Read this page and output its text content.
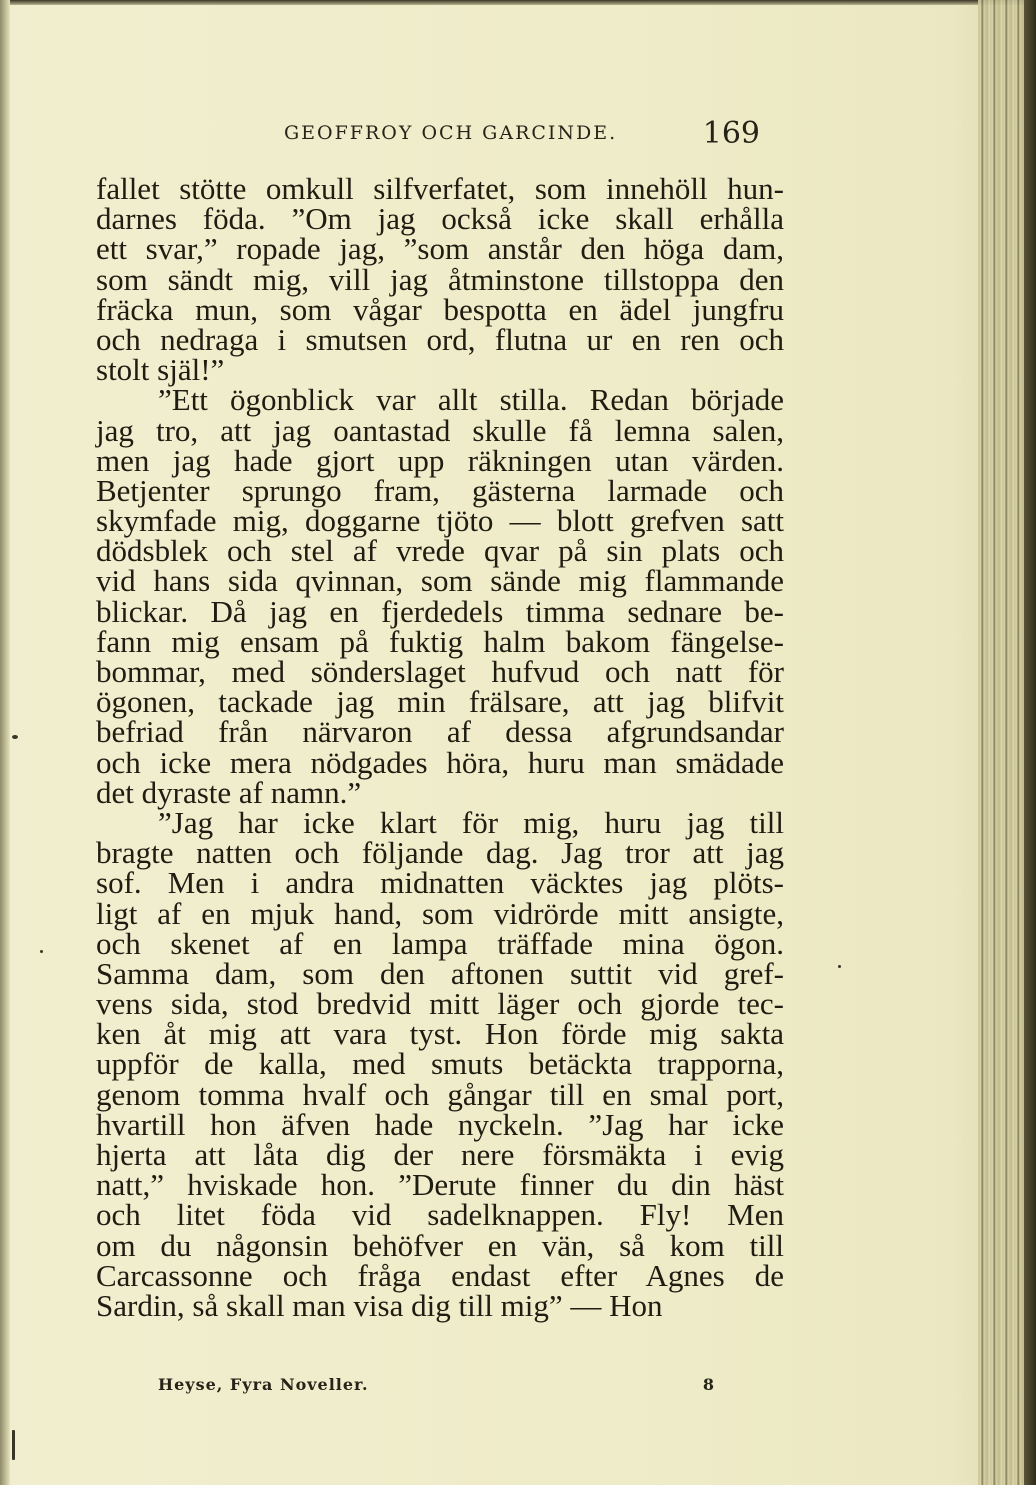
GEOFFROY OCH GARCINDE.	169
fallet stötte omkull silfverfatet, som innehöll hun-
darnes föda. ”Om jag också icke skall erhålla
ett svar,” ropade jag, ”som anstår den höga dam,
som sändt mig, vill jag åtminstone tillstoppa den
fräcka mun, som vågar bespotta en ädel jungfru
och nedraga i smutsen ord, flutna ur en ren och
stolt själ!”
”Ett ögonblick var allt stilla. Redan började
jag tro, att jag oantastad skulle få lemna salen,
men jag hade gjort upp räkningen utan värden.
Betjenter sprungo fram, gästerna larmade och
skymfade mig, doggarne tjöto — blott grefven satt
dödsblek och stel af vrede qvar på sin plats och
vid hans sida qvinnan, som sände mig flammande
blickar. Då jag en fjerdedels timma sednare be-
fann mig ensam på fuktig halm bakom fängelse-
bommar, med sönderslaget hufvud och natt för
ögonen, tackade jag min frälsare, att jag blifvit
befriad från närvaron af dessa afgrundsandar
och icke mera nödgades höra, huru man smädade
det dyraste af namn.”
”Jag har icke klart för mig, huru jag till
bragte natten och följande dag. Jag tror att jag
sof. Men i andra midnatten väcktes jag plöts-
ligt af en mjuk hand, som vidrörde mitt ansigte,
och skenet af en lampa träffade mina ögon.
Samma dam, som den aftonen suttit vid gref-
vens sida, stod bredvid mitt läger och gjorde tec-
ken åt mig att vara tyst. Hon förde mig sakta
uppför de kalla, med smuts betäckta trapporna,
genom tomma hvalf och gångar till en smal port,
hvartill hon äfven hade nyckeln. ”Jag har icke
hjerta att låta dig der nere försmäkta i evig
natt,” hviskade hon. ”Derute finner du din häst
och litet föda vid sadelknappen. Fly! Men
om du någonsin behöfver en vän, så kom till
Carcassonne och fråga endast efter Agnes de
Sardin, så skall man visa dig till mig” — Hon
Heyse, Fyra Noveller.	8
